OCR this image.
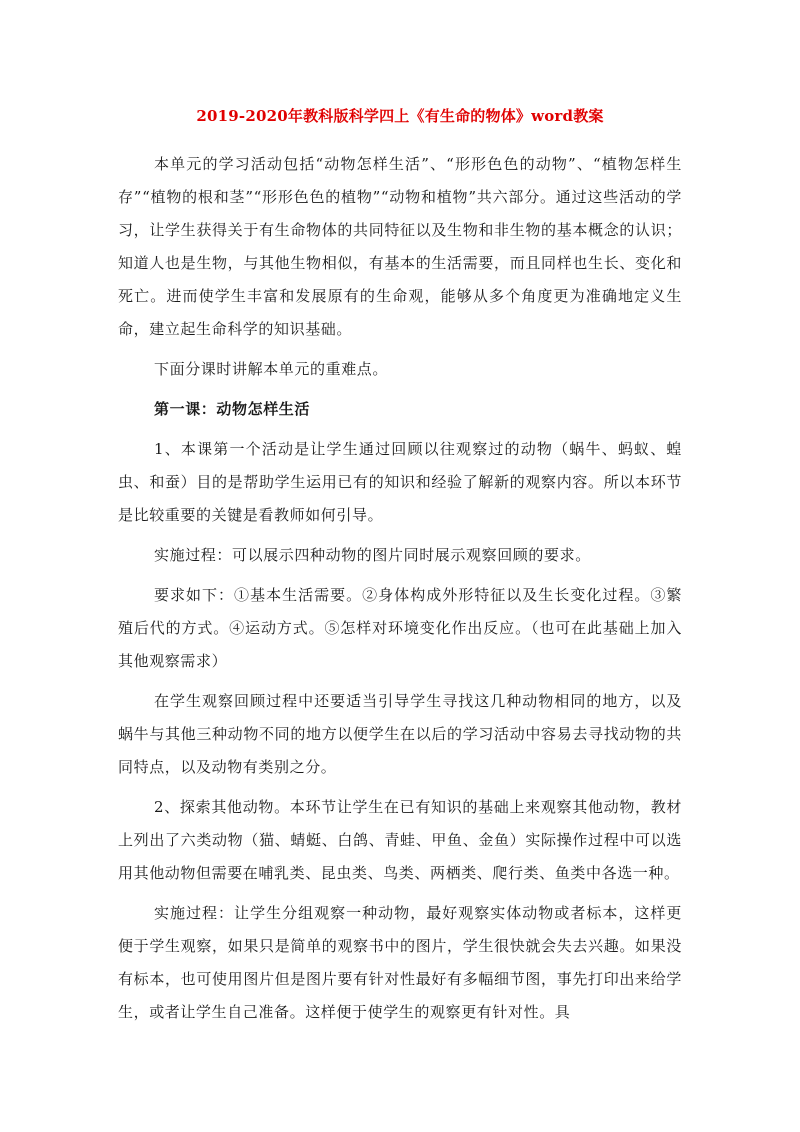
2019-2020年教科版科学四上《有生命的物体》word教案

本单元的学习活动包括“动物怎样生活”、“形形色色的动物”、“植物怎样生存”“植物的根和茎”“形形色色的植物”“动物和植物”共六部分。通过这些活动的学习，让学生获得关于有生命物体的共同特征以及生物和非生物的基本概念的认识；知道人也是生物，与其他生物相似，有基本的生活需要，而且同样也生长、变化和死亡。进而使学生丰富和发展原有的生命观，能够从多个角度更为准确地定义生命，建立起生命科学的知识基础。

下面分课时讲解本单元的重难点。

第一课：动物怎样生活

1、本课第一个活动是让学生通过回顾以往观察过的动物（蜗牛、蚂蚁、蝗虫、和蚕）目的是帮助学生运用已有的知识和经验了解新的观察内容。所以本环节是比较重要的关键是看教师如何引导。

实施过程：可以展示四种动物的图片同时展示观察回顾的要求。

要求如下：①基本生活需要。②身体构成外形特征以及生长变化过程。③繁殖后代的方式。④运动方式。⑤怎样对环境变化作出反应。（也可在此基础上加入其他观察需求）

在学生观察回顾过程中还要适当引导学生寻找这几种动物相同的地方，以及蜗牛与其他三种动物不同的地方以便学生在以后的学习活动中容易去寻找动物的共同特点，以及动物有类别之分。

2、探索其他动物。本环节让学生在已有知识的基础上来观察其他动物，教材上列出了六类动物（猫、蜻蜓、白鸽、青蛙、甲鱼、金鱼）实际操作过程中可以选用其他动物但需要在哺乳类、昆虫类、鸟类、两栖类、爬行类、鱼类中各选一种。

实施过程：让学生分组观察一种动物，最好观察实体动物或者标本，这样更便于学生观察，如果只是简单的观察书中的图片，学生很快就会失去兴趣。如果没有标本，也可使用图片但是图片要有针对性最好有多幅细节图，事先打印出来给学生，或者让学生自己准备。这样便于使学生的观察更有针对性。具
